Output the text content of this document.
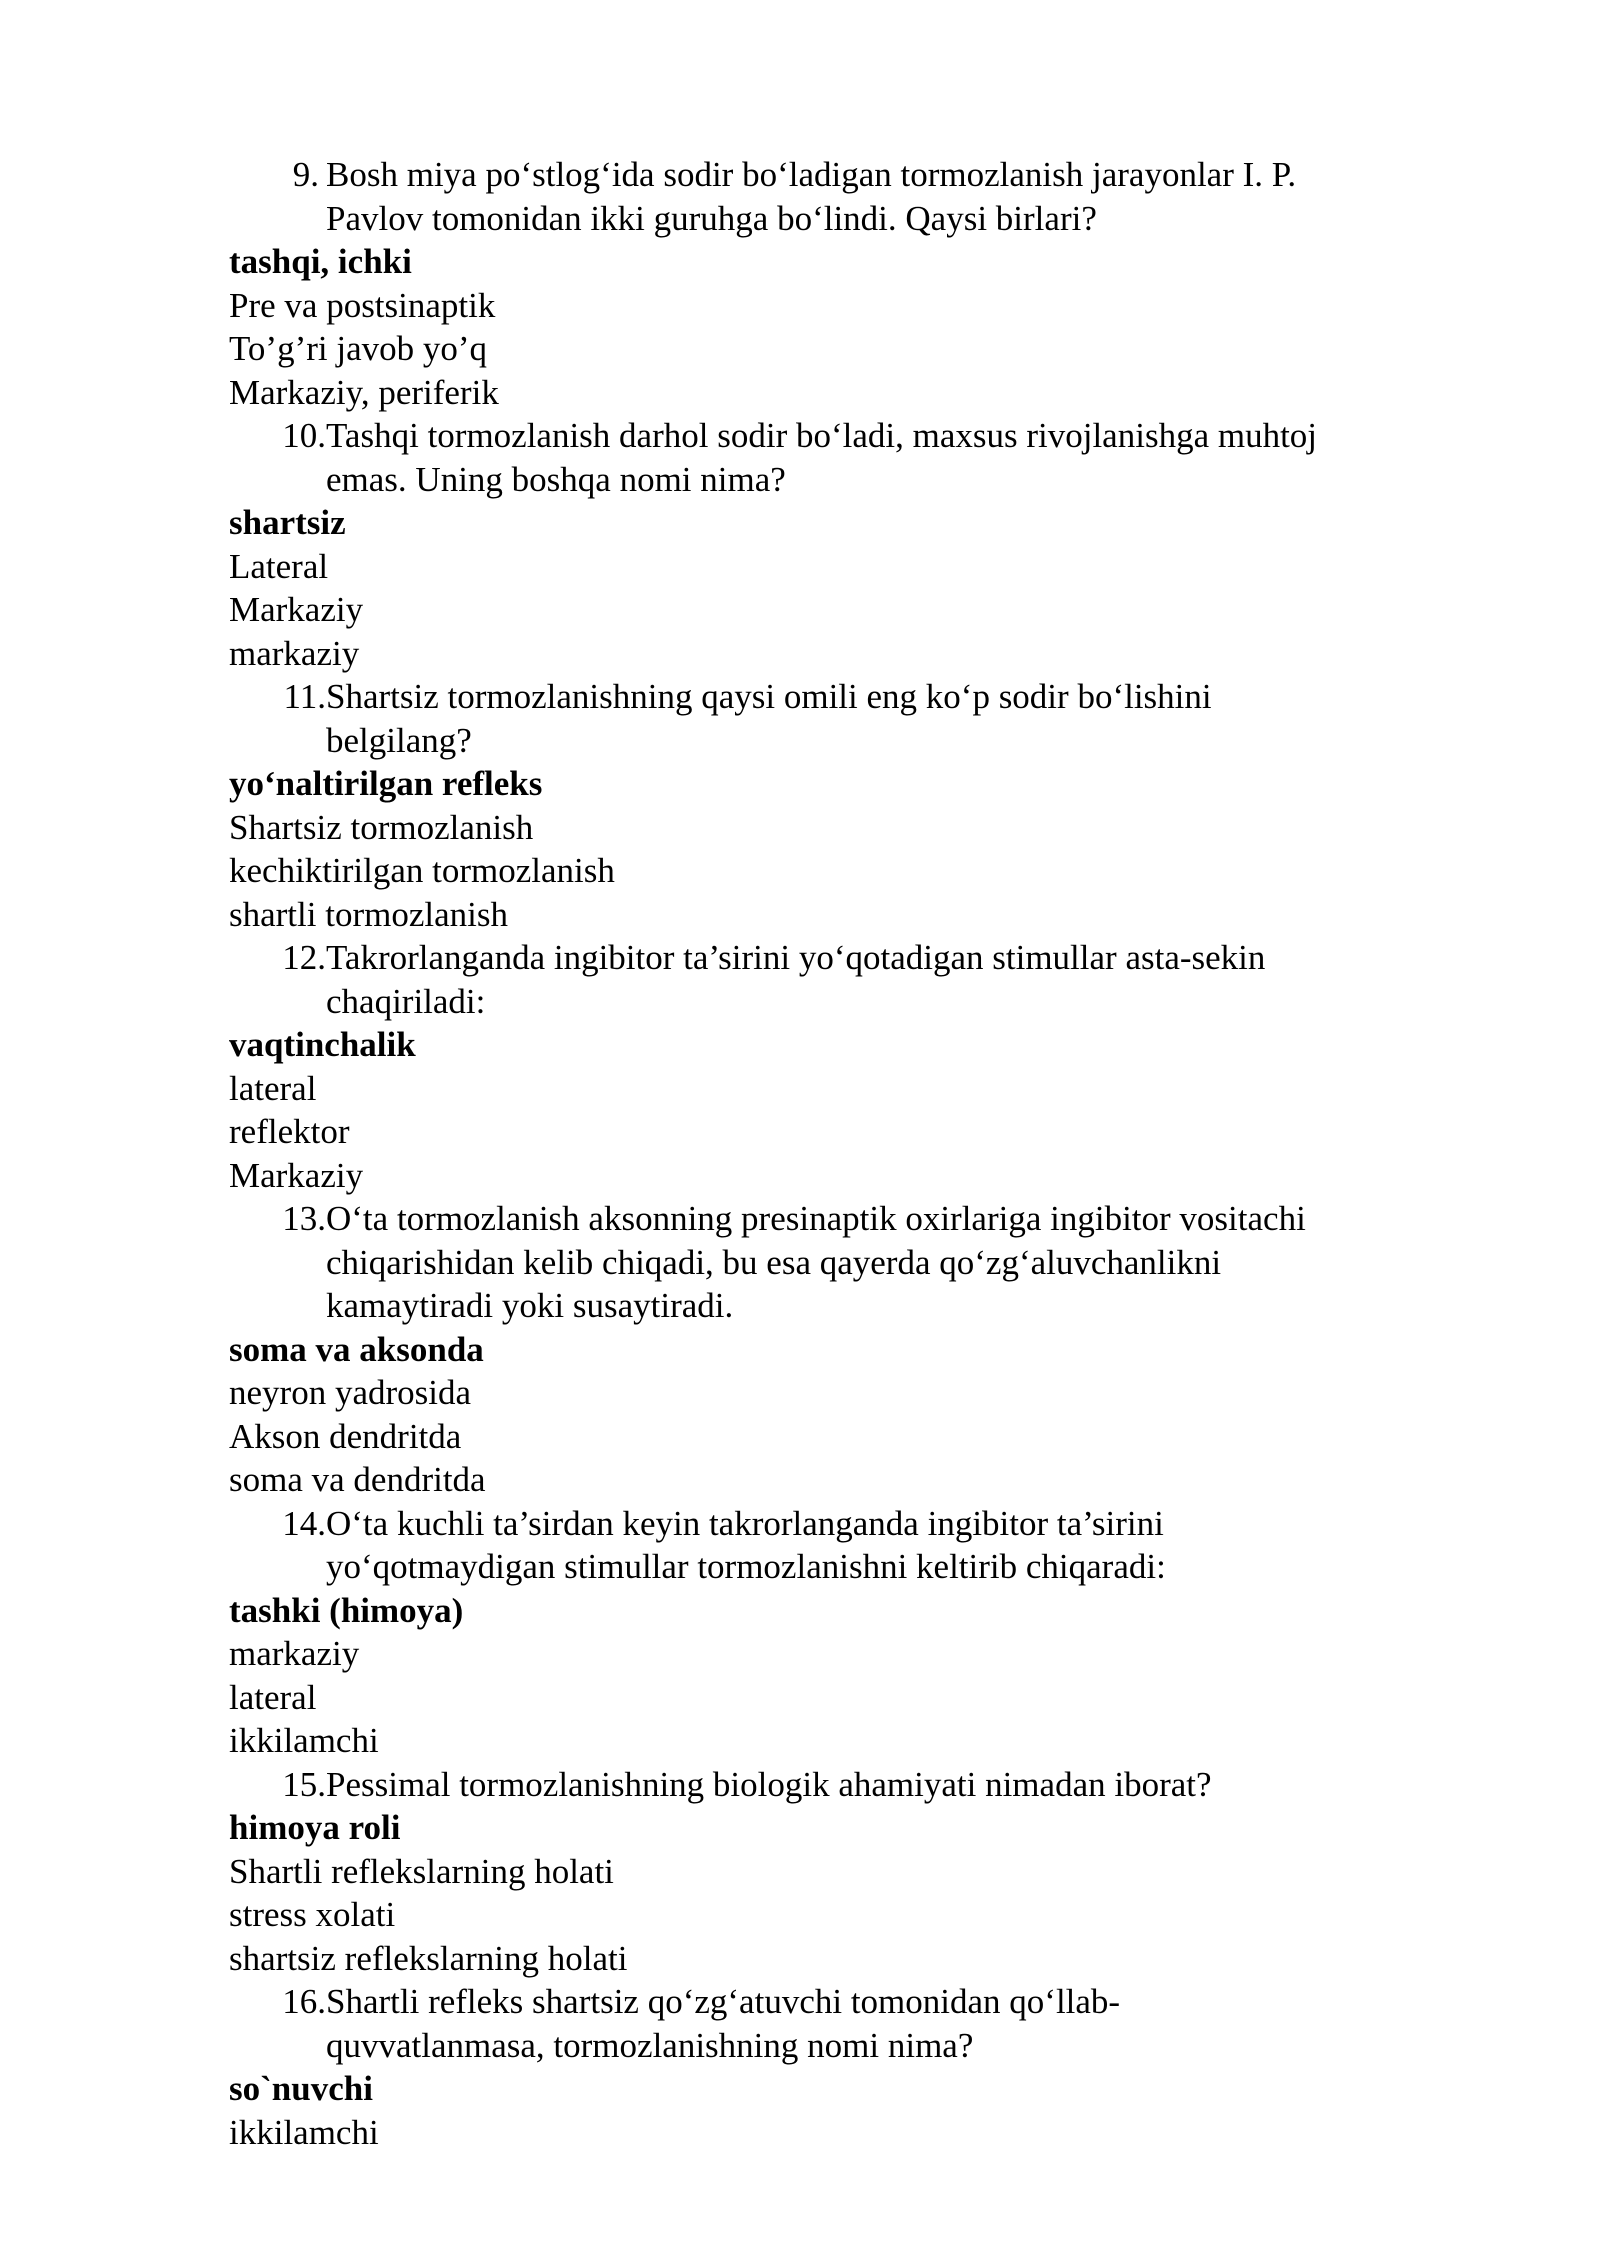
9. Bosh miya po‘stlog‘ida sodir bo‘ladigan tormozlanish jarayonlar I. P. Pavlov tomonidan ikki guruhga bo‘lindi. Qaysi birlari?
tashqi, ichki
Pre va postsinaptik
To’g’ri javob yo’q
Markaziy, periferik
10. Tashqi tormozlanish darhol sodir bo‘ladi, maxsus rivojlanishga muhtoj emas. Uning boshqa nomi nima?
shartsiz
Lateral
Markaziy
markaziy
11. Shartsiz tormozlanishning qaysi omili eng ko‘p sodir bo‘lishini belgilang?
yo‘naltirilgan refleks
Shartsiz tormozlanish
kechiktirilgan tormozlanish
shartli tormozlanish
12. Takrorlanganda ingibitor ta’sirini yo‘qotadigan stimullar asta-sekin chaqiriladi:
vaqtinchalik
lateral
reflektor
Markaziy
13. O‘ta tormozlanish aksonning presinaptik oxirlariga ingibitor vositachi chiqarishidan kelib chiqadi, bu esa qayerda qo‘zg‘aluvchanlikni kamaytiradi yoki susaytiradi.
soma va aksonda
neyron yadrosida
Akson dendritda
soma va dendritda
14. O‘ta kuchli ta’sirdan keyin takrorlanganda ingibitor ta’sirini yo‘qotmaydigan stimullar tormozlanishni keltirib chiqaradi:
tashki (himoya)
markaziy
lateral
ikkilamchi
15. Pessimal tormozlanishning biologik ahamiyati nimadan iborat?
himoya roli
Shartli reflekslarning holati
stress xolati
shartsiz reflekslarning holati
16. Shartli refleks shartsiz qo‘zg‘atuvchi tomonidan qo‘llab-quvvatlanmasa, tormozlanishning nomi nima?
so`nuvchi
ikkilamchi
